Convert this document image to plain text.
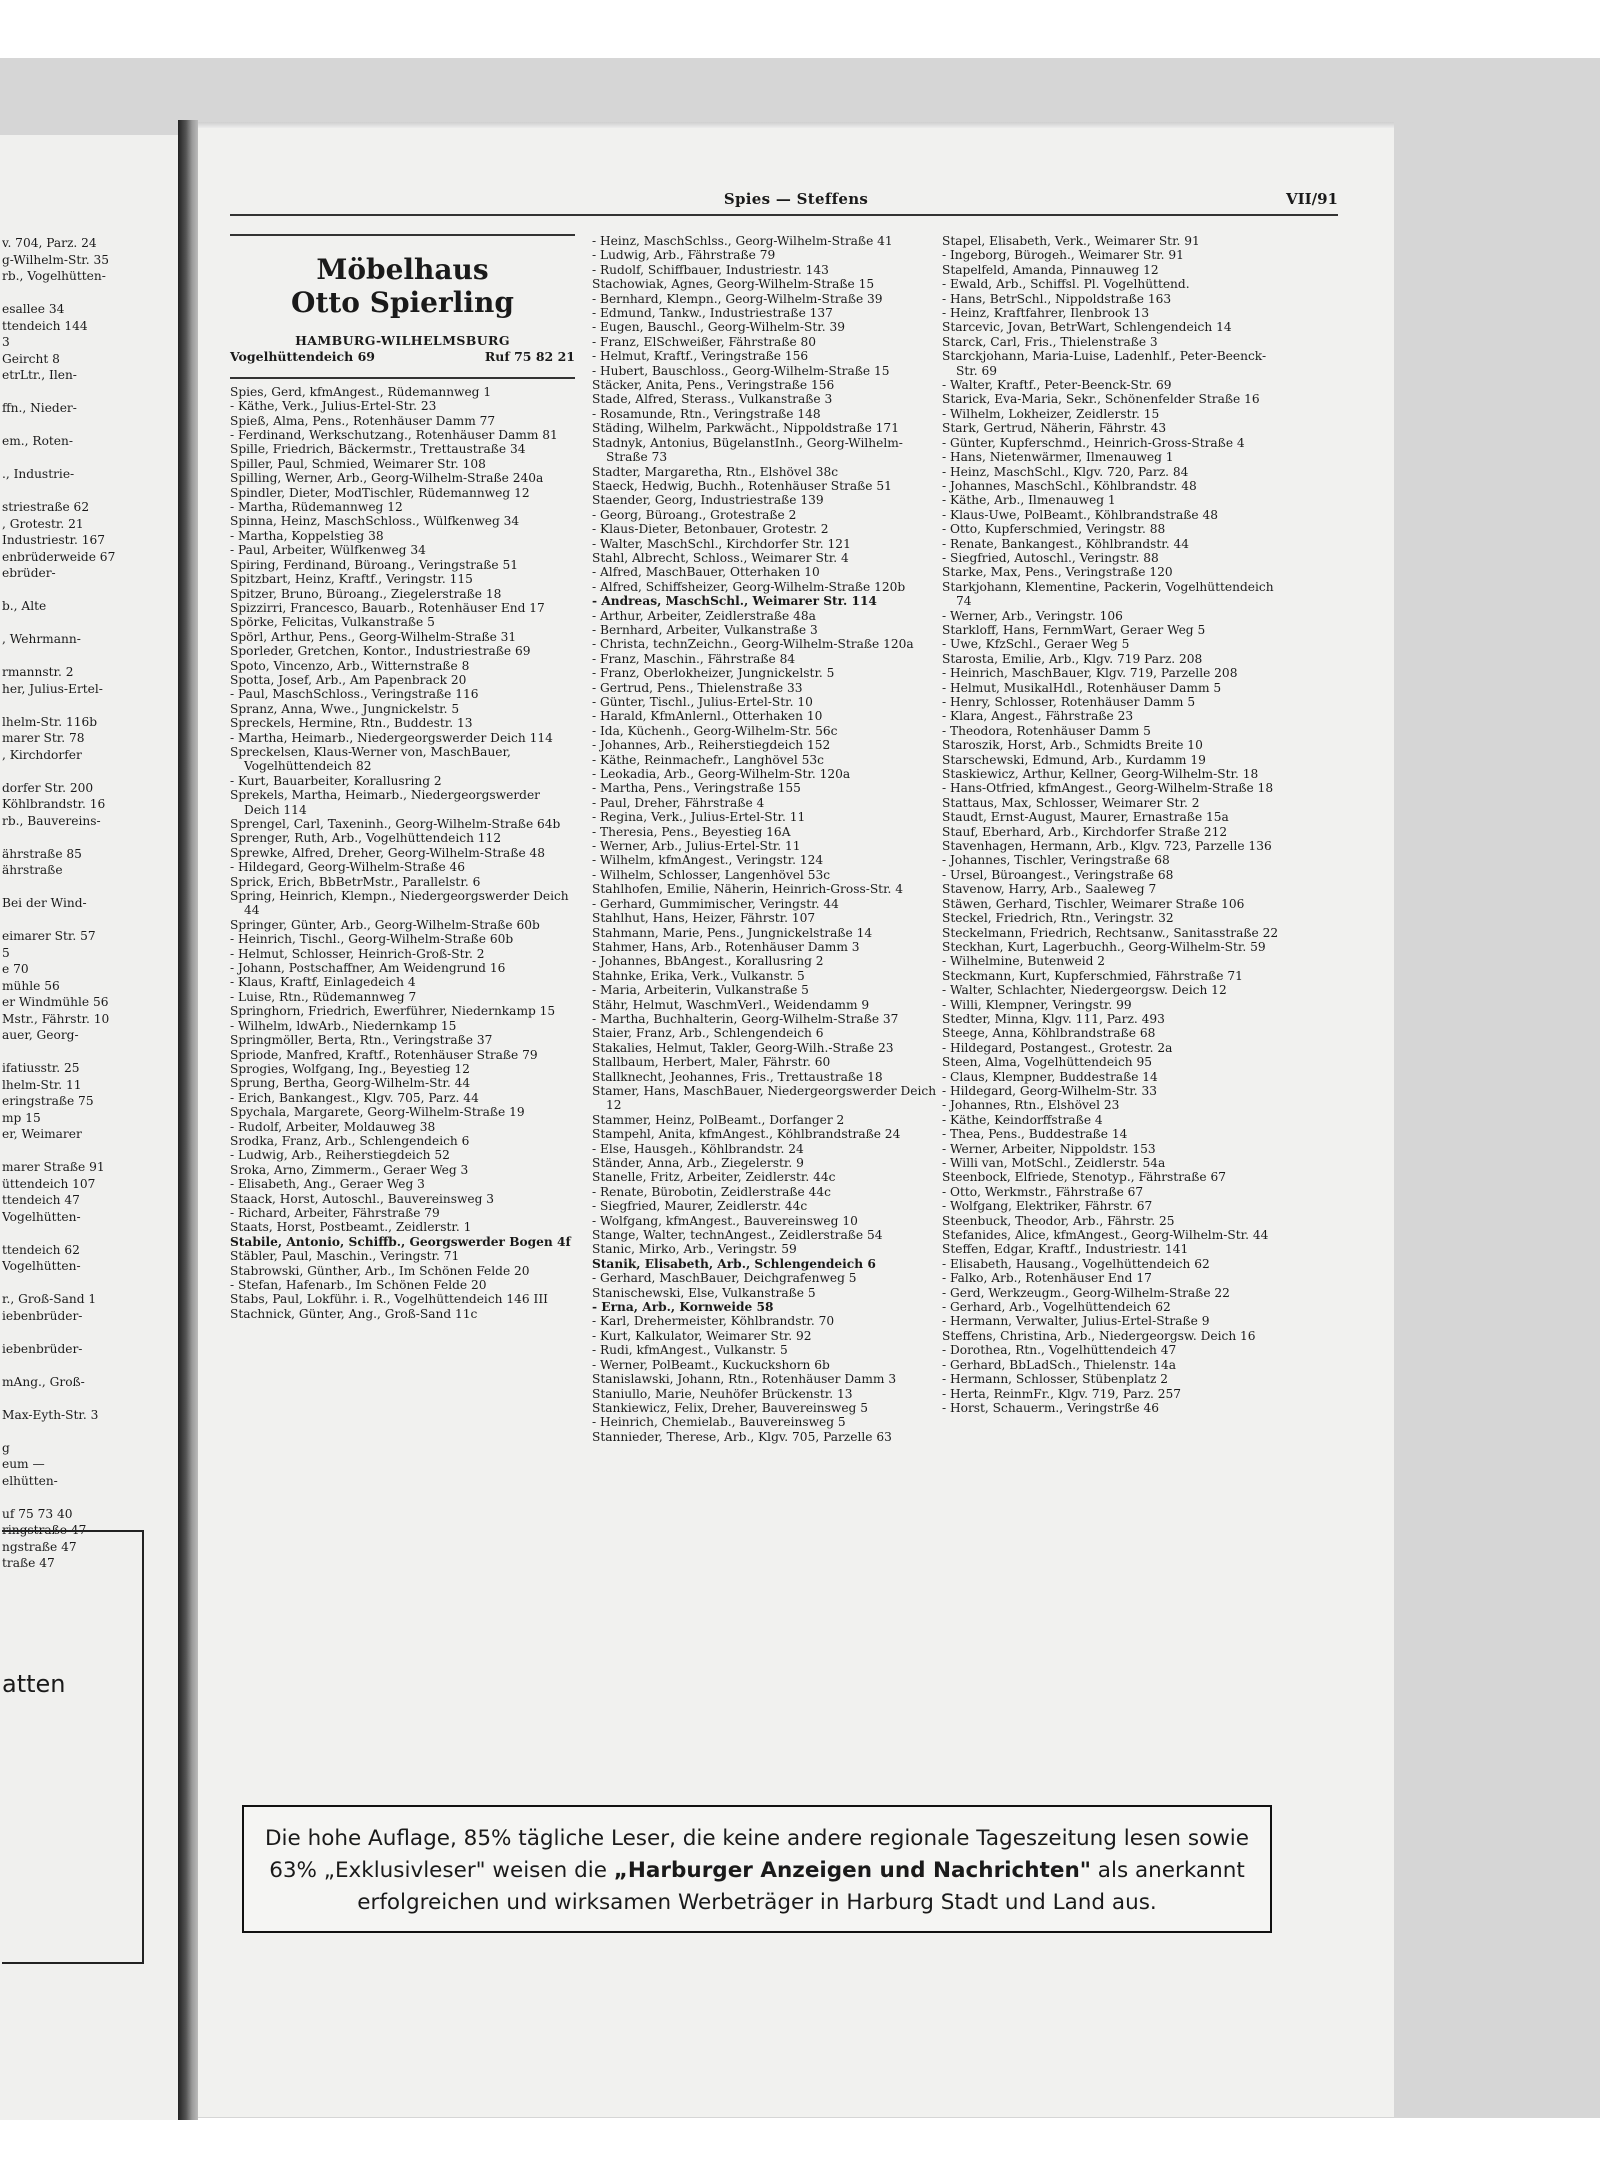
v. 704, Parz. 24
g-Wilhelm-Str. 35
rb., Vogelhütten-

esallee 34
ttendeich 144
3
Geircht 8
etrLtr., Ilen-

ffn., Nieder-

em., Roten-

., Industrie-

striestraße 62
, Grotestr. 21
Industriestr. 167
enbrüderweide 67
ebrüder-

b., Alte

, Wehrmann-

rmannstr. 2
her, Julius-Ertel-

lhelm-Str. 116b
marer Str. 78
, Kirchdorfer

dorfer Str. 200
Köhlbrandstr. 16
rb., Bauvereins-

ährstraße 85
ährstraße

Bei der Wind-

eimarer Str. 57
5
e 70
mühle 56
er Windmühle 56
Mstr., Fährstr. 10
auer, Georg-

ifatiusstr. 25
lhelm-Str. 11
eringstraße 75
mp 15
er, Weimarer

marer Straße 91
üttendeich 107
ttendeich 47
Vogelhütten-

ttendeich 62
Vogelhütten-

r., Groß-Sand 1
iebenbrüder-

iebenbrüder-

mAng., Groß-

Max-Eyth-Str. 3

g
eum —
elhütten-

uf 75 73 40
ringstraße 47
ngstraße 47
traße 47
atten
Spies — Steffens	VII/91
Möbelhaus
Otto Spierling
HAMBURG-WILHELMSBURG
Vogelhüttendeich 69	Ruf 75 82 21
Spies, Gerd, kfmAngest., Rüdemannweg 1
- Käthe, Verk., Julius-Ertel-Str. 23
Spieß, Alma, Pens., Rotenhäuser Damm 77
- Ferdinand, Werkschutzang., Rotenhäuser Damm 81
Spille, Friedrich, Bäckermstr., Trettaustraße 34
Spiller, Paul, Schmied, Weimarer Str. 108
Spilling, Werner, Arb., Georg-Wilhelm-Straße 240a
Spindler, Dieter, ModTischler, Rüdemannweg 12
- Martha, Rüdemannweg 12
Spinna, Heinz, MaschSchloss., Wülfkenweg 34
- Martha, Koppelstieg 38
- Paul, Arbeiter, Wülfkenweg 34
Spiring, Ferdinand, Büroang., Veringstraße 51
Spitzbart, Heinz, Kraftf., Veringstr. 115
Spitzer, Bruno, Büroang., Ziegelerstraße 18
Spizzirri, Francesco, Bauarb., Rotenhäuser End 17
Spörke, Felicitas, Vulkanstraße 5
Spörl, Arthur, Pens., Georg-Wilhelm-Straße 31
Sporleder, Gretchen, Kontor., Industriestraße 69
Spoto, Vincenzo, Arb., Witternstraße 8
Spotta, Josef, Arb., Am Papenbrack 20
- Paul, MaschSchloss., Veringstraße 116
Spranz, Anna, Wwe., Jungnickelstr. 5
Spreckels, Hermine, Rtn., Buddestr. 13
- Martha, Heimarb., Niedergeorgswerder Deich 114
Spreckelsen, Klaus-Werner von, MaschBauer, Vogelhüttendeich 82
- Kurt, Bauarbeiter, Korallusring 2
Sprekels, Martha, Heimarb., Niedergeorgswerder Deich 114
Sprengel, Carl, Taxeninh., Georg-Wilhelm-Straße 64b
Sprenger, Ruth, Arb., Vogelhüttendeich 112
Sprewke, Alfred, Dreher, Georg-Wilhelm-Straße 48
- Hildegard, Georg-Wilhelm-Straße 46
Sprick, Erich, BbBetrMstr., Parallelstr. 6
Spring, Heinrich, Klempn., Niedergeorgswerder Deich 44
Springer, Günter, Arb., Georg-Wilhelm-Straße 60b
- Heinrich, Tischl., Georg-Wilhelm-Straße 60b
- Helmut, Schlosser, Heinrich-Groß-Str. 2
- Johann, Postschaffner, Am Weidengrund 16
- Klaus, Kraftf, Einlagedeich 4
- Luise, Rtn., Rüdemannweg 7
Springhorn, Friedrich, Ewerführer, Niedernkamp 15
- Wilhelm, ldwArb., Niedernkamp 15
Springmöller, Berta, Rtn., Veringstraße 37
Spriode, Manfred, Kraftf., Rotenhäuser Straße 79
Sprogies, Wolfgang, Ing., Beyestieg 12
Sprung, Bertha, Georg-Wilhelm-Str. 44
- Erich, Bankangest., Klgv. 705, Parz. 44
Spychala, Margarete, Georg-Wilhelm-Straße 19
- Rudolf, Arbeiter, Moldauweg 38
Srodka, Franz, Arb., Schlengendeich 6
- Ludwig, Arb., Reiherstiegdeich 52
Sroka, Arno, Zimmerm., Geraer Weg 3
- Elisabeth, Ang., Geraer Weg 3
Staack, Horst, Autoschl., Bauvereinsweg 3
- Richard, Arbeiter, Fährstraße 79
Staats, Horst, Postbeamt., Zeidlerstr. 1
Stabile, Antonio, Schiffb., Georgswerder Bogen 4f
Stäbler, Paul, Maschin., Veringstr. 71
Stabrowski, Günther, Arb., Im Schönen Felde 20
- Stefan, Hafenarb., Im Schönen Felde 20
Stabs, Paul, Lokführ. i. R., Vogelhüttendeich 146 III
Stachnick, Günter, Ang., Groß-Sand 11c
- Heinz, MaschSchlss., Georg-Wilhelm-Straße 41
- Ludwig, Arb., Fährstraße 79
- Rudolf, Schiffbauer, Industriestr. 143
Stachowiak, Agnes, Georg-Wilhelm-Straße 15
- Bernhard, Klempn., Georg-Wilhelm-Straße 39
- Edmund, Tankw., Industriestraße 137
- Eugen, Bauschl., Georg-Wilhelm-Str. 39
- Franz, ElSchweißer, Fährstraße 80
- Helmut, Kraftf., Veringstraße 156
- Hubert, Bauschloss., Georg-Wilhelm-Straße 15
Stäcker, Anita, Pens., Veringstraße 156
Stade, Alfred, Sterass., Vulkanstraße 3
- Rosamunde, Rtn., Veringstraße 148
Städing, Wilhelm, Parkwächt., Nippoldstraße 171
Stadnyk, Antonius, BügelanstInh., Georg-Wilhelm-Straße 73
Stadter, Margaretha, Rtn., Elshövel 38c
Staeck, Hedwig, Buchh., Rotenhäuser Straße 51
Staender, Georg, Industriestraße 139
- Georg, Büroang., Grotestraße 2
- Klaus-Dieter, Betonbauer, Grotestr. 2
- Walter, MaschSchl., Kirchdorfer Str. 121
Stahl, Albrecht, Schloss., Weimarer Str. 4
- Alfred, MaschBauer, Otterhaken 10
- Alfred, Schiffsheizer, Georg-Wilhelm-Straße 120b
- Andreas, MaschSchl., Weimarer Str. 114
- Arthur, Arbeiter, Zeidlerstraße 48a
- Bernhard, Arbeiter, Vulkanstraße 3
- Christa, technZeichn., Georg-Wilhelm-Straße 120a
- Franz, Maschin., Fährstraße 84
- Franz, Oberlokheizer, Jungnickelstr. 5
- Gertrud, Pens., Thielenstraße 33
- Günter, Tischl., Julius-Ertel-Str. 10
- Harald, KfmAnlernl., Otterhaken 10
- Ida, Küchenh., Georg-Wilhelm-Str. 56c
- Johannes, Arb., Reiherstiegdeich 152
- Käthe, Reinmachefr., Langhövel 53c
- Leokadia, Arb., Georg-Wilhelm-Str. 120a
- Martha, Pens., Veringstraße 155
- Paul, Dreher, Fährstraße 4
- Regina, Verk., Julius-Ertel-Str. 11
- Theresia, Pens., Beyestieg 16A
- Werner, Arb., Julius-Ertel-Str. 11
- Wilhelm, kfmAngest., Veringstr. 124
- Wilhelm, Schlosser, Langenhövel 53c
Stahlhofen, Emilie, Näherin, Heinrich-Gross-Str. 4
- Gerhard, Gummimischer, Veringstr. 44
Stahlhut, Hans, Heizer, Fährstr. 107
Stahmann, Marie, Pens., Jungnickelstraße 14
Stahmer, Hans, Arb., Rotenhäuser Damm 3
- Johannes, BbAngest., Korallusring 2
Stahnke, Erika, Verk., Vulkanstr. 5
- Maria, Arbeiterin, Vulkanstraße 5
Stähr, Helmut, WaschmVerl., Weidendamm 9
- Martha, Buchhalterin, Georg-Wilhelm-Straße 37
Staier, Franz, Arb., Schlengendeich 6
Stakalies, Helmut, Takler, Georg-Wilh.-Straße 23
Stallbaum, Herbert, Maler, Fährstr. 60
Stallknecht, Jeohannes, Fris., Trettaustraße 18
Stamer, Hans, MaschBauer, Niedergeorgswerder Deich 12
Stammer, Heinz, PolBeamt., Dorfanger 2
Stampehl, Anita, kfmAngest., Köhlbrandstraße 24
- Else, Hausgeh., Köhlbrandstr. 24
Ständer, Anna, Arb., Ziegelerstr. 9
Stanelle, Fritz, Arbeiter, Zeidlerstr. 44c
- Renate, Bürobotin, Zeidlerstraße 44c
- Siegfried, Maurer, Zeidlerstr. 44c
- Wolfgang, kfmAngest., Bauvereinsweg 10
Stange, Walter, technAngest., Zeidlerstraße 54
Stanic, Mirko, Arb., Veringstr. 59
Stanik, Elisabeth, Arb., Schlengendeich 6
- Gerhard, MaschBauer, Deichgrafenweg 5
Stanischewski, Else, Vulkanstraße 5
- Erna, Arb., Kornweide 58
- Karl, Drehermeister, Köhlbrandstr. 70
- Kurt, Kalkulator, Weimarer Str. 92
- Rudi, kfmAngest., Vulkanstr. 5
- Werner, PolBeamt., Kuckuckshorn 6b
Stanislawski, Johann, Rtn., Rotenhäuser Damm 3
Staniullo, Marie, Neuhöfer Brückenstr. 13
Stankiewicz, Felix, Dreher, Bauvereinsweg 5
- Heinrich, Chemielab., Bauvereinsweg 5
Stannieder, Therese, Arb., Klgv. 705, Parzelle 63
Stapel, Elisabeth, Verk., Weimarer Str. 91
- Ingeborg, Bürogeh., Weimarer Str. 91
Stapelfeld, Amanda, Pinnauweg 12
- Ewald, Arb., Schiffsl. Pl. Vogelhüttend.
- Hans, BetrSchl., Nippoldstraße 163
- Heinz, Kraftfahrer, Ilenbrook 13
Starcevic, Jovan, BetrWart, Schlengendeich 14
Starck, Carl, Fris., Thielenstraße 3
Starckjohann, Maria-Luise, Ladenhlf., Peter-Beenck-Str. 69
- Walter, Kraftf., Peter-Beenck-Str. 69
Starick, Eva-Maria, Sekr., Schönenfelder Straße 16
- Wilhelm, Lokheizer, Zeidlerstr. 15
Stark, Gertrud, Näherin, Fährstr. 43
- Günter, Kupferschmd., Heinrich-Gross-Straße 4
- Hans, Nietenwärmer, Ilmenauweg 1
- Heinz, MaschSchl., Klgv. 720, Parz. 84
- Johannes, MaschSchl., Köhlbrandstr. 48
- Käthe, Arb., Ilmenauweg 1
- Klaus-Uwe, PolBeamt., Köhlbrandstraße 48
- Otto, Kupferschmied, Veringstr. 88
- Renate, Bankangest., Köhlbrandstr. 44
- Siegfried, Autoschl., Veringstr. 88
Starke, Max, Pens., Veringstraße 120
Starkjohann, Klementine, Packerin, Vogelhüttendeich 74
- Werner, Arb., Veringstr. 106
Starkloff, Hans, FernmWart, Geraer Weg 5
- Uwe, KfzSchl., Geraer Weg 5
Starosta, Emilie, Arb., Klgv. 719 Parz. 208
- Heinrich, MaschBauer, Klgv. 719, Parzelle 208
- Helmut, MusikalHdl., Rotenhäuser Damm 5
- Henry, Schlosser, Rotenhäuser Damm 5
- Klara, Angest., Fährstraße 23
- Theodora, Rotenhäuser Damm 5
Staroszik, Horst, Arb., Schmidts Breite 10
Starschewski, Edmund, Arb., Kurdamm 19
Staskiewicz, Arthur, Kellner, Georg-Wilhelm-Str. 18
- Hans-Otfried, kfmAngest., Georg-Wilhelm-Straße 18
Stattaus, Max, Schlosser, Weimarer Str. 2
Staudt, Ernst-August, Maurer, Ernastraße 15a
Stauf, Eberhard, Arb., Kirchdorfer Straße 212
Stavenhagen, Hermann, Arb., Klgv. 723, Parzelle 136
- Johannes, Tischler, Veringstraße 68
- Ursel, Büroangest., Veringstraße 68
Stavenow, Harry, Arb., Saaleweg 7
Stäwen, Gerhard, Tischler, Weimarer Straße 106
Steckel, Friedrich, Rtn., Veringstr. 32
Steckelmann, Friedrich, Rechtsanw., Sanitasstraße 22
Steckhan, Kurt, Lagerbuchh., Georg-Wilhelm-Str. 59
- Wilhelmine, Butenweid 2
Steckmann, Kurt, Kupferschmied, Fährstraße 71
- Walter, Schlachter, Niedergeorgsw. Deich 12
- Willi, Klempner, Veringstr. 99
Stedter, Minna, Klgv. 111, Parz. 493
Steege, Anna, Köhlbrandstraße 68
- Hildegard, Postangest., Grotestr. 2a
Steen, Alma, Vogelhüttendeich 95
- Claus, Klempner, Buddestraße 14
- Hildegard, Georg-Wilhelm-Str. 33
- Johannes, Rtn., Elshövel 23
- Käthe, Keindorffstraße 4
- Thea, Pens., Buddestraße 14
- Werner, Arbeiter, Nippoldstr. 153
- Willi van, MotSchl., Zeidlerstr. 54a
Steenbock, Elfriede, Stenotyp., Fährstraße 67
- Otto, Werkmstr., Fährstraße 67
- Wolfgang, Elektriker, Fährstr. 67
Steenbuck, Theodor, Arb., Fährstr. 25
Stefanides, Alice, kfmAngest., Georg-Wilhelm-Str. 44
Steffen, Edgar, Kraftf., Industriestr. 141
- Elisabeth, Hausang., Vogelhüttendeich 62
- Falko, Arb., Rotenhäuser End 17
- Gerd, Werkzeugm., Georg-Wilhelm-Straße 22
- Gerhard, Arb., Vogelhüttendeich 62
- Hermann, Verwalter, Julius-Ertel-Straße 9
Steffens, Christina, Arb., Niedergeorgsw. Deich 16
- Dorothea, Rtn., Vogelhüttendeich 47
- Gerhard, BbLadSch., Thielenstr. 14a
- Hermann, Schlosser, Stübenplatz 2
- Herta, ReinmFr., Klgv. 719, Parz. 257
- Horst, Schauerm., Veringstrße 46
Die hohe Auflage, 85% tägliche Leser, die keine andere regionale Tageszeitung lesen sowie 63% „Exklusivleser" weisen die „Harburger Anzeigen und Nachrichten" als anerkannt erfolgreichen und wirksamen Werbeträger in Harburg Stadt und Land aus.
